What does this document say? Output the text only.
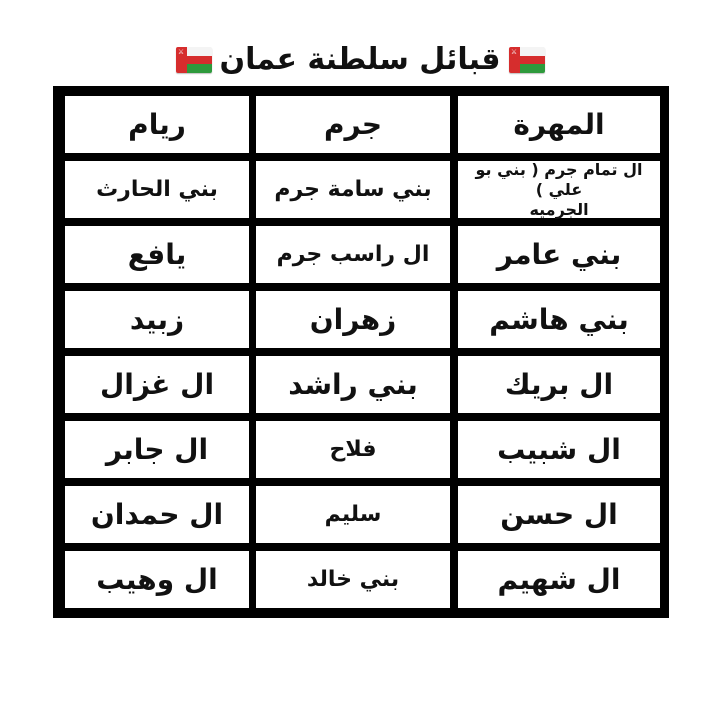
⚔
قبائل سلطنة عمان
⚔
المهرة
جرم
ريام
ال تمام جرم ( بني بو علي )
الجرميه
بني سامة جرم
بني الحارث
بني عامر
ال راسب جرم
يافع
بني هاشم
زهران
زبيد
ال بريك
بني راشد
ال غزال
ال شبيب
فلاح
ال جابر
ال حسن
سليم
ال حمدان
ال شهيم
بني خالد
ال وهيب
